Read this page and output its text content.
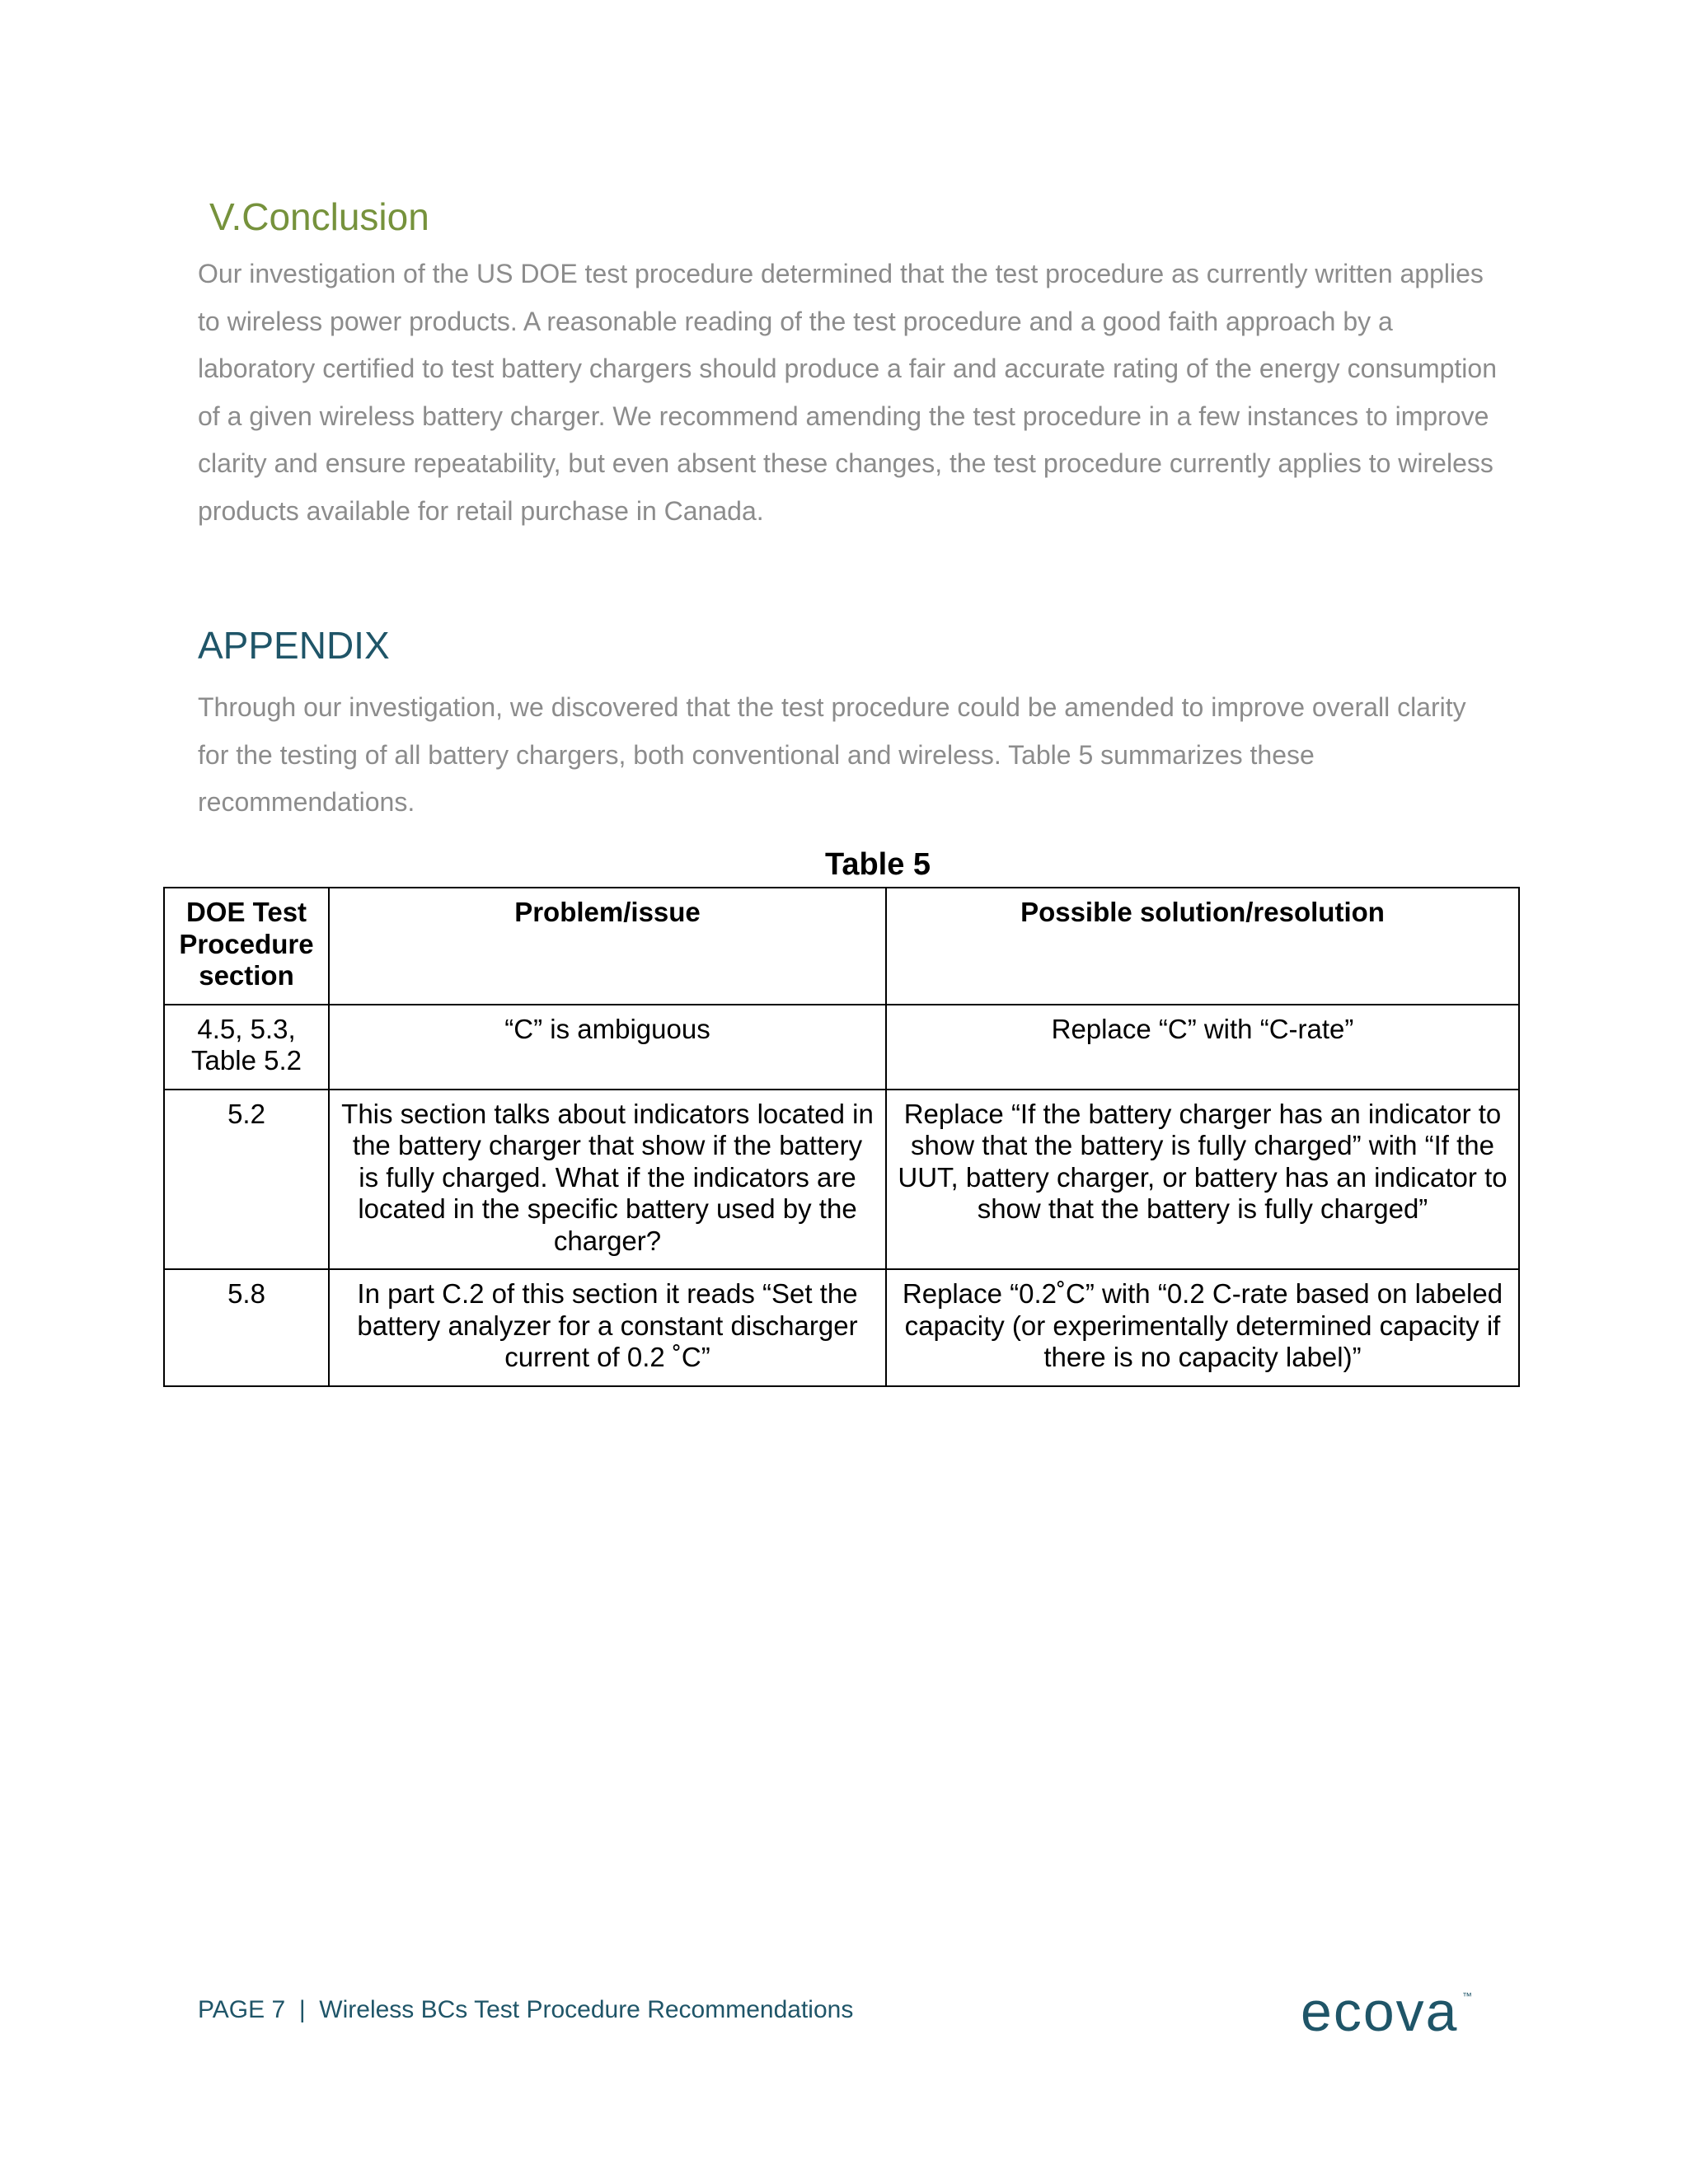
V.Conclusion

Our investigation of the US DOE test procedure determined that the test procedure as currently written applies to wireless power products. A reasonable reading of the test procedure and a good faith approach by a laboratory certified to test battery chargers should produce a fair and accurate rating of the energy consumption of a given wireless battery charger. We recommend amending the test procedure in a few instances to improve clarity and ensure repeatability, but even absent these changes, the test procedure currently applies to wireless products available for retail purchase in Canada.

APPENDIX

Through our investigation, we discovered that the test procedure could be amended to improve overall clarity for the testing of all battery chargers, both conventional and wireless. Table 5 summarizes these recommendations.

Table 5

DOE Test Procedure section	Problem/issue	Possible solution/resolution
4.5, 5.3, Table 5.2	“C” is ambiguous	Replace “C” with “C-rate”
5.2	This section talks about indicators located in the battery charger that show if the battery is fully charged. What if the indicators are located in the specific battery used by the charger?	Replace “If the battery charger has an indicator to show that the battery is fully charged” with “If the UUT, battery charger, or battery has an indicator to show that the battery is fully charged”
5.8	In part C.2 of this section it reads “Set the battery analyzer for a constant discharger current of 0.2 ˚C”	Replace “0.2˚C” with “0.2 C-rate based on labeled capacity (or experimentally determined capacity if there is no capacity label)”

PAGE 7  |  Wireless BCs Test Procedure Recommendations	ecova ™
